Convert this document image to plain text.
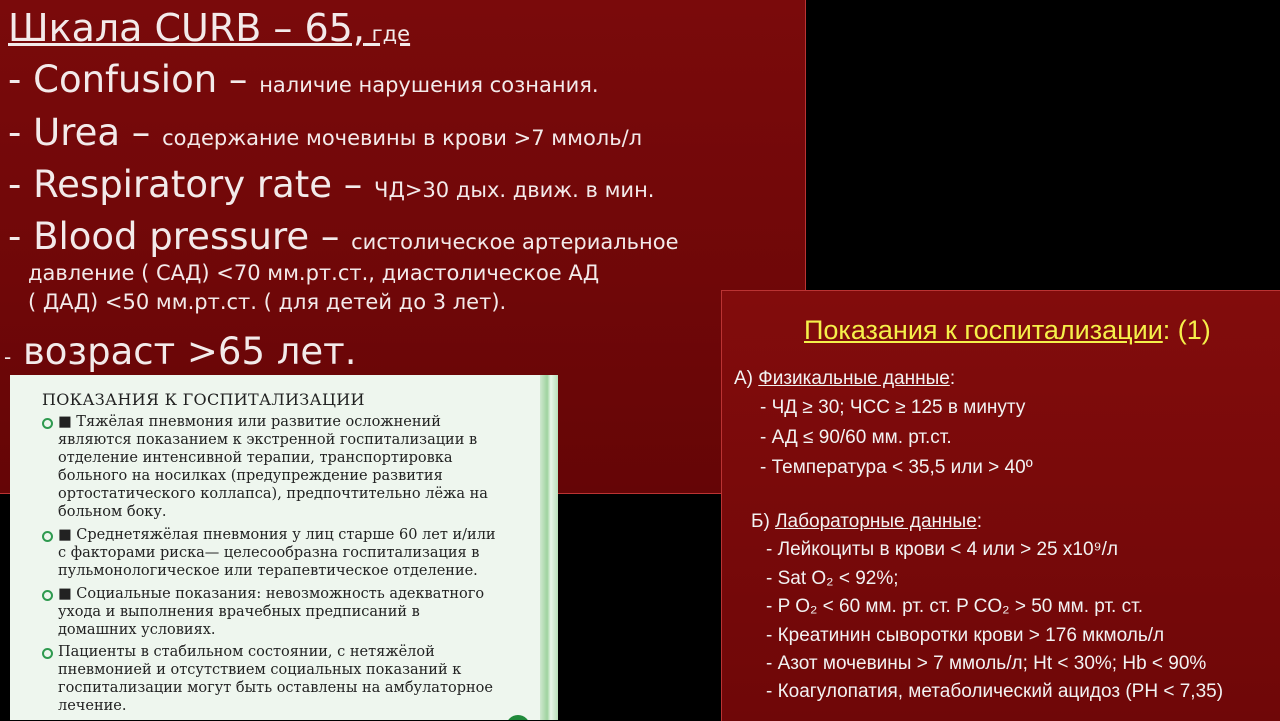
Шкала CURB – 65, где
- Confusion – наличие нарушения сознания.
- Urea – содержание мочевины в крови >7 ммоль/л
- Respiratory rate – ЧД>30 дых. движ. в мин.
- Blood pressure – систолическое артериальное
давление ( САД) <70 мм.рт.ст., диастолическое АД
( ДАД) <50 мм.рт.ст. ( для детей до 3 лет).
- возраст >65 лет.
ПОКАЗАНИЯ К ГОСПИТАЛИЗАЦИИ
■ Тяжёлая пневмония или развитие осложнений
являются показанием к экстренной госпитализации в
отделение интенсивной терапии, транспортировка
больного на носилках (предупреждение развития
ортостатического коллапса), предпочтительно лёжа на
больном боку.
■ Среднетяжёлая пневмония у лиц старше 60 лет и/или
с факторами риска— целесообразна госпитализация в
пульмонологическое или терапевтическое отделение.
■ Социальные показания: невозможность адекватного
ухода и выполнения врачебных предписаний в
домашних условиях.
Пациенты в стабильном состоянии, с нетяжёлой
пневмонией и отсутствием социальных показаний к
госпитализации могут быть оставлены на амбулаторное
лечение.
Показания к госпитализации: (1)
А) Физикальные данные:
- ЧД ≥ 30; ЧСС ≥ 125 в минуту
- АД ≤ 90/60 мм. рт.ст.
- Температура < 35,5 или > 40º
Б) Лабораторные данные:
- Лейкоциты в крови < 4 или > 25 х10⁹/л
- Sat O₂ < 92%;
- P O₂ < 60 мм. рт. ст. P CO₂ > 50 мм. рт. ст.
- Креатинин сыворотки крови > 176 мкмоль/л
- Азот мочевины > 7 ммоль/л; Ht < 30%; Hb < 90%
- Коагулопатия, метаболический ацидоз (РН < 7,35)
